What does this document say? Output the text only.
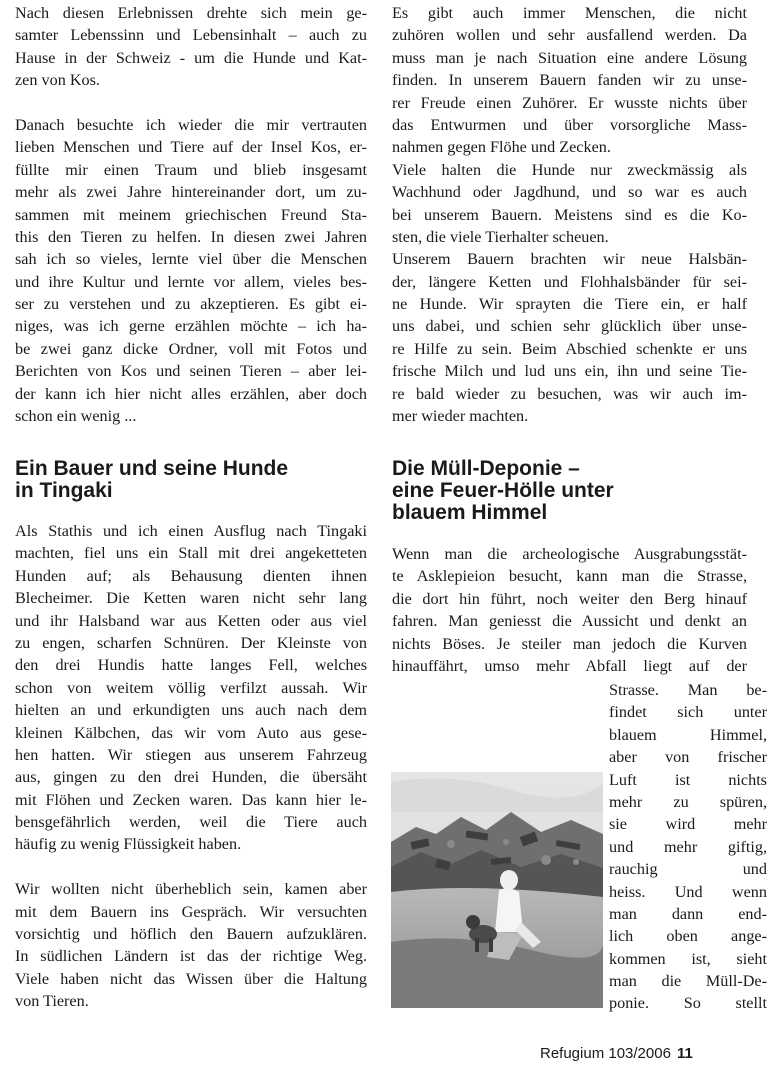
Nach diesen Erlebnissen drehte sich mein ge-

samter Lebenssinn und Lebensinhalt – auch zu

Hause in der Schweiz - um die Hunde und Kat-

zen von Kos.

Danach besuchte ich wieder die mir vertrauten

lieben Menschen und Tiere auf der Insel Kos, er-

füllte mir einen Traum und blieb insgesamt

mehr als zwei Jahre hintereinander dort, um zu-

sammen mit meinem griechischen Freund Sta-

this den Tieren zu helfen. In diesen zwei Jahren

sah ich so vieles, lernte viel über die Menschen

und ihre Kultur und lernte vor allem, vieles bes-

ser zu verstehen und zu akzeptieren. Es gibt ei-

niges, was ich gerne erzählen möchte – ich ha-

be zwei ganz dicke Ordner, voll mit Fotos und

Berichten von Kos und seinen Tieren – aber lei-

der kann ich hier nicht alles erzählen, aber doch

schon ein wenig ...

Ein Bauer und seine Hunde

in Tingaki

Als Stathis und ich einen Ausflug nach Tingaki

machten, fiel uns ein Stall mit drei angeketteten

Hunden auf; als Behausung dienten ihnen

Blecheimer. Die Ketten waren nicht sehr lang

und ihr Halsband war aus Ketten oder aus viel

zu engen, scharfen Schnüren. Der Kleinste von

den drei Hundis hatte langes Fell, welches

schon von weitem völlig verfilzt aussah. Wir

hielten an und erkundigten uns auch nach dem

kleinen Kälbchen, das wir vom Auto aus gese-

hen hatten. Wir stiegen aus unserem Fahrzeug

aus, gingen zu den drei Hunden, die übersäht

mit Flöhen und Zecken waren. Das kann hier le-

bensgefährlich werden, weil die Tiere auch

häufig zu wenig Flüssigkeit haben.

Wir wollten nicht überheblich sein, kamen aber

mit dem Bauern ins Gespräch. Wir versuchten

vorsichtig und höflich den Bauern aufzuklären.

In südlichen Ländern ist das der richtige Weg.

Viele haben nicht das Wissen über die Haltung

von Tieren.

Es gibt auch immer Menschen, die nicht

zuhören wollen und sehr ausfallend werden. Da

muss man je nach Situation eine andere Lösung

finden. In unserem Bauern fanden wir zu unse-

rer Freude einen Zuhörer. Er wusste nichts über

das Entwurmen und über vorsorgliche Mass-

nahmen gegen Flöhe und Zecken.

Viele halten die Hunde nur zweckmässig als

Wachhund oder Jagdhund, und so war es auch

bei unserem Bauern. Meistens sind es die Ko-

sten, die viele Tierhalter scheuen.

Unserem Bauern brachten wir neue Halsbän-

der, längere Ketten und Flohhalsbänder für sei-

ne Hunde. Wir sprayten die Tiere ein, er half

uns dabei, und schien sehr glücklich über unse-

re Hilfe zu sein. Beim Abschied schenkte er uns

frische Milch und lud uns ein, ihn und seine Tie-

re bald wieder zu besuchen, was wir auch im-

mer wieder machten.

Die Müll-Deponie –

eine Feuer-Hölle unter

blauem Himmel

Wenn man die archeologische Ausgrabungsstät-

te Asklepieion besucht, kann man die Strasse,

die dort hin führt, noch weiter den Berg hinauf

fahren. Man geniesst die Aussicht und denkt an

nichts Böses. Je steiler man jedoch die Kurven

hinauffährt, umso mehr Abfall liegt auf der

Strasse. Man be-

findet sich unter

blauem Himmel,

aber von frischer

Luft ist nichts

mehr zu spüren,

sie wird mehr

und mehr giftig,

rauchig und

heiss. Und wenn

man dann end-

lich oben ange-

kommen ist, sieht

man die Müll-De-

ponie. So stellt

Refugium 103/2006 11
